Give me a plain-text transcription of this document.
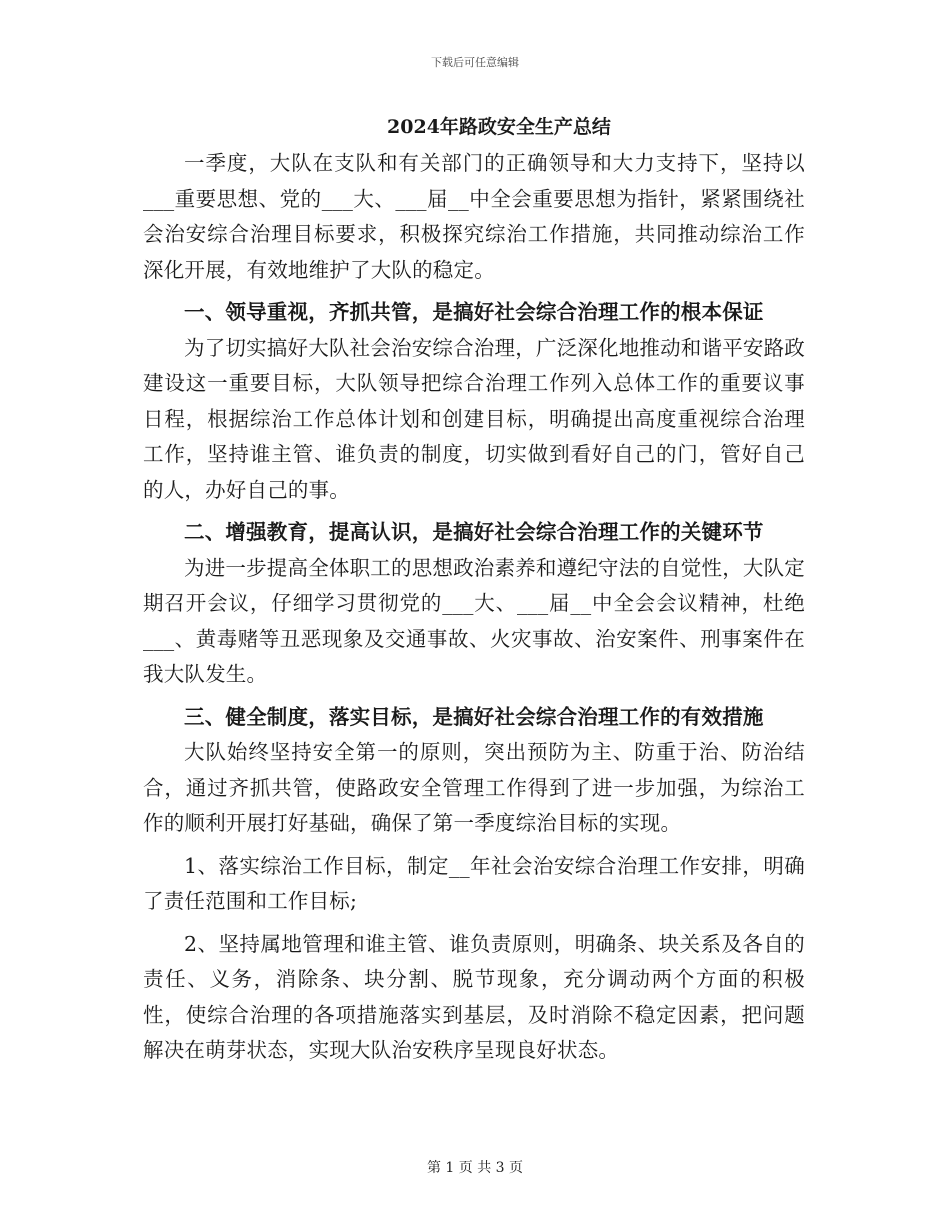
下载后可任意编辑
2024年路政安全生产总结

一季度，大队在支队和有关部门的正确领导和大力支持下，坚持以___重要思想、党的___大、___届__中全会重要思想为指针，紧紧围绕社会治安综合治理目标要求，积极探究综治工作措施，共同推动综治工作深化开展，有效地维护了大队的稳定。

一、领导重视，齐抓共管，是搞好社会综合治理工作的根本保证

为了切实搞好大队社会治安综合治理，广泛深化地推动和谐平安路政建设这一重要目标，大队领导把综合治理工作列入总体工作的重要议事日程，根据综治工作总体计划和创建目标，明确提出高度重视综合治理工作，坚持谁主管、谁负责的制度，切实做到看好自己的门，管好自己的人，办好自己的事。

二、增强教育，提高认识，是搞好社会综合治理工作的关键环节

为进一步提高全体职工的思想政治素养和遵纪守法的自觉性，大队定期召开会议，仔细学习贯彻党的___大、___届__中全会会议精神，杜绝___、黄毒赌等丑恶现象及交通事故、火灾事故、治安案件、刑事案件在我大队发生。

三、健全制度，落实目标，是搞好社会综合治理工作的有效措施

大队始终坚持安全第一的原则，突出预防为主、防重于治、防治结合，通过齐抓共管，使路政安全管理工作得到了进一步加强，为综治工作的顺利开展打好基础，确保了第一季度综治目标的实现。

1、落实综治工作目标，制定__年社会治安综合治理工作安排，明确了责任范围和工作目标;

2、坚持属地管理和谁主管、谁负责原则，明确条、块关系及各自的责任、义务，消除条、块分割、脱节现象，充分调动两个方面的积极性，使综合治理的各项措施落实到基层，及时消除不稳定因素，把问题解决在萌芽状态，实现大队治安秩序呈现良好状态。

第 1 页 共 3 页
